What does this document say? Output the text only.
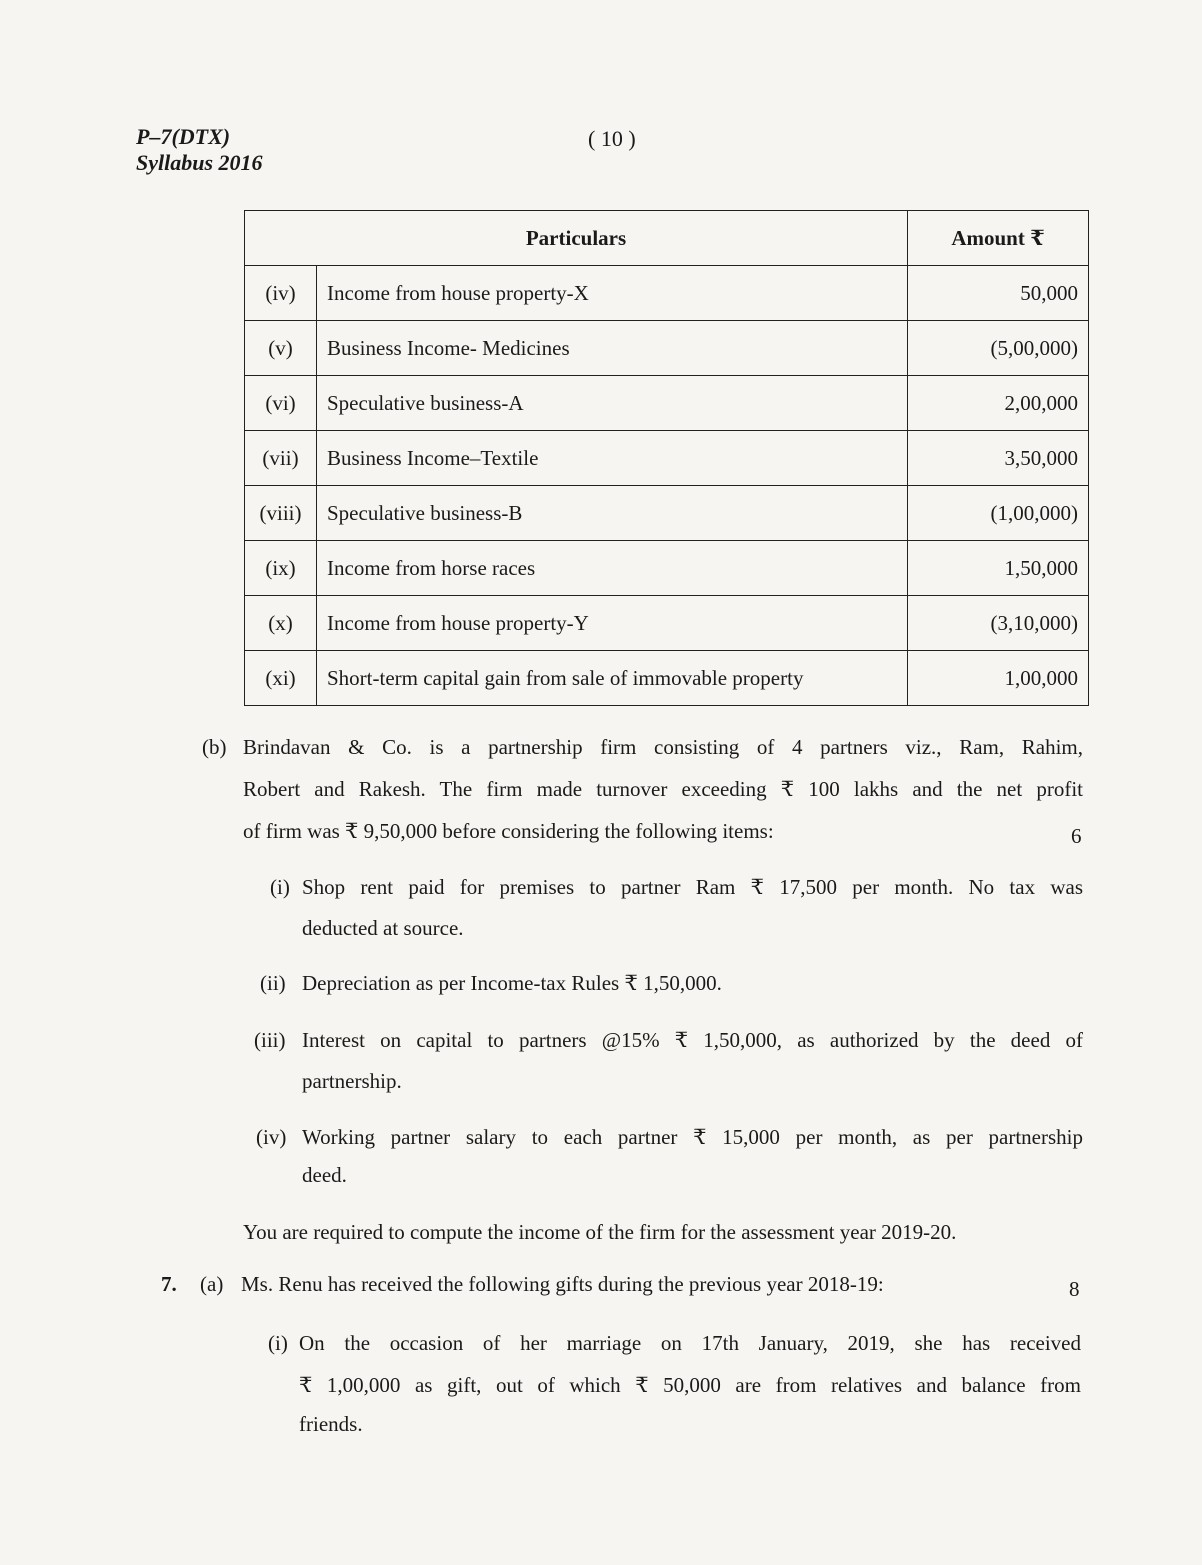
P–7(DTX)
Syllabus 2016
( 10 )
Particulars		Amount ₹
(iv)	Income from house property-X	50,000
(v)	Business Income- Medicines	(5,00,000)
(vi)	Speculative business-A	2,00,000
(vii)	Business Income–Textile	3,50,000
(viii)	Speculative business-B	(1,00,000)
(ix)	Income from horse races	1,50,000
(x)	Income from house property-Y	(3,10,000)
(xi)	Short-term capital gain from sale of immovable property	1,00,000
(b) Brindavan & Co. is a partnership firm consisting of 4 partners viz., Ram, Rahim,
Robert and Rakesh. The firm made turnover exceeding ₹ 100 lakhs and the net profit
of firm was ₹ 9,50,000 before considering the following items:	6
(i) Shop rent paid for premises to partner Ram ₹ 17,500 per month. No tax was
deducted at source.
(ii) Depreciation as per Income-tax Rules ₹ 1,50,000.
(iii) Interest on capital to partners @15% ₹ 1,50,000, as authorized by the deed of
partnership.
(iv) Working partner salary to each partner ₹ 15,000 per month, as per partnership
deed.
You are required to compute the income of the firm for the assessment year 2019-20.
7. (a) Ms. Renu has received the following gifts during the previous year 2018-19:	8
(i) On the occasion of her marriage on 17th January, 2019, she has received
₹ 1,00,000 as gift, out of which ₹ 50,000 are from relatives and balance from
friends.
